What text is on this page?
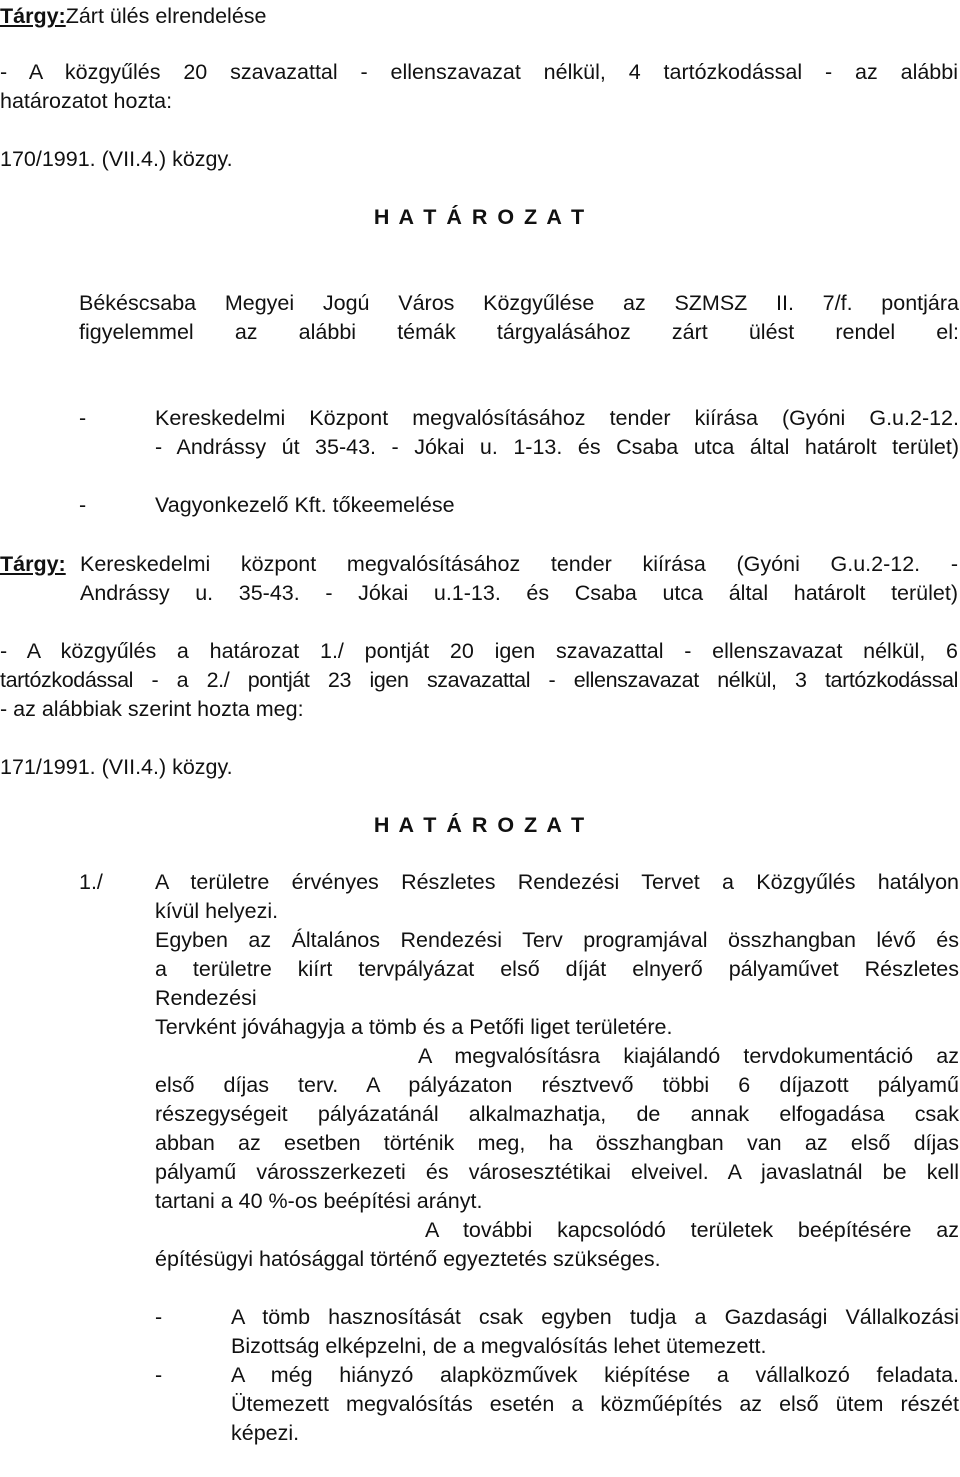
Tárgy:Zárt ülés elrendelése
- A közgyűlés 20 szavazattal - ellenszavazat nélkül, 4 tartózkodással - az alábbi
határozatot hozta:
170/1991. (VII.4.) közgy.
H A T Á R O Z A T
Békéscsaba Megyei Jogú Város Közgyűlése az SZMSZ II. 7/f. pontjára
figyelemmel az alábbi témák tárgyalásához zárt ülést rendel el:
-	Kereskedelmi Központ megvalósításához tender kiírása (Gyóni G.u.2-12.
- Andrássy út 35-43. - Jókai u. 1-13. és Csaba utca által határolt terület)
-	Vagyonkezelő Kft. tőkeemelése
Tárgy: Kereskedelmi központ megvalósításához tender kiírása (Gyóni G.u.2-12. -
Andrássy u. 35-43. - Jókai u.1-13. és Csaba utca által határolt terület)
- A közgyűlés a határozat 1./ pontját 20 igen szavazattal - ellenszavazat nélkül, 6
tartózkodással - a 2./ pontját 23 igen szavazattal - ellenszavazat nélkül, 3 tartózkodással
- az alábbiak szerint hozta meg:
171/1991. (VII.4.) közgy.
H A T Á R O Z A T
1./ A területre érvényes Részletes Rendezési Tervet a Közgyűlés hatályon
kívül helyezi.
Egyben az Általános Rendezési Terv programjával összhangban lévő és
a területre kiírt tervpályázat első díját elnyerő pályaművet Részletes
Rendezési
Tervként jóváhagyja a tömb és a Petőfi liget területére.
A megvalósításra kiajálandó tervdokumentáció az
első díjas terv. A pályázaton résztvevő többi 6 díjazott pályamű
részegységeit pályázatánál alkalmazhatja, de annak elfogadása csak
abban az esetben történik meg, ha összhangban van az első díjas
pályamű városszerkezeti és városesztétikai elveivel. A javaslatnál be kell
tartani a 40 %-os beépítési arányt.
A további kapcsolódó területek beépítésére az
építésügyi hatósággal történő egyeztetés szükséges.
-	A tömb hasznosítását csak egyben tudja a Gazdasági Vállalkozási
Bizottság elképzelni, de a megvalósítás lehet ütemezett.
-	A még hiányzó alapközművek kiépítése a vállalkozó feladata.
Ütemezett megvalósítás esetén a közműépítés az első ütem részét
képezi.
